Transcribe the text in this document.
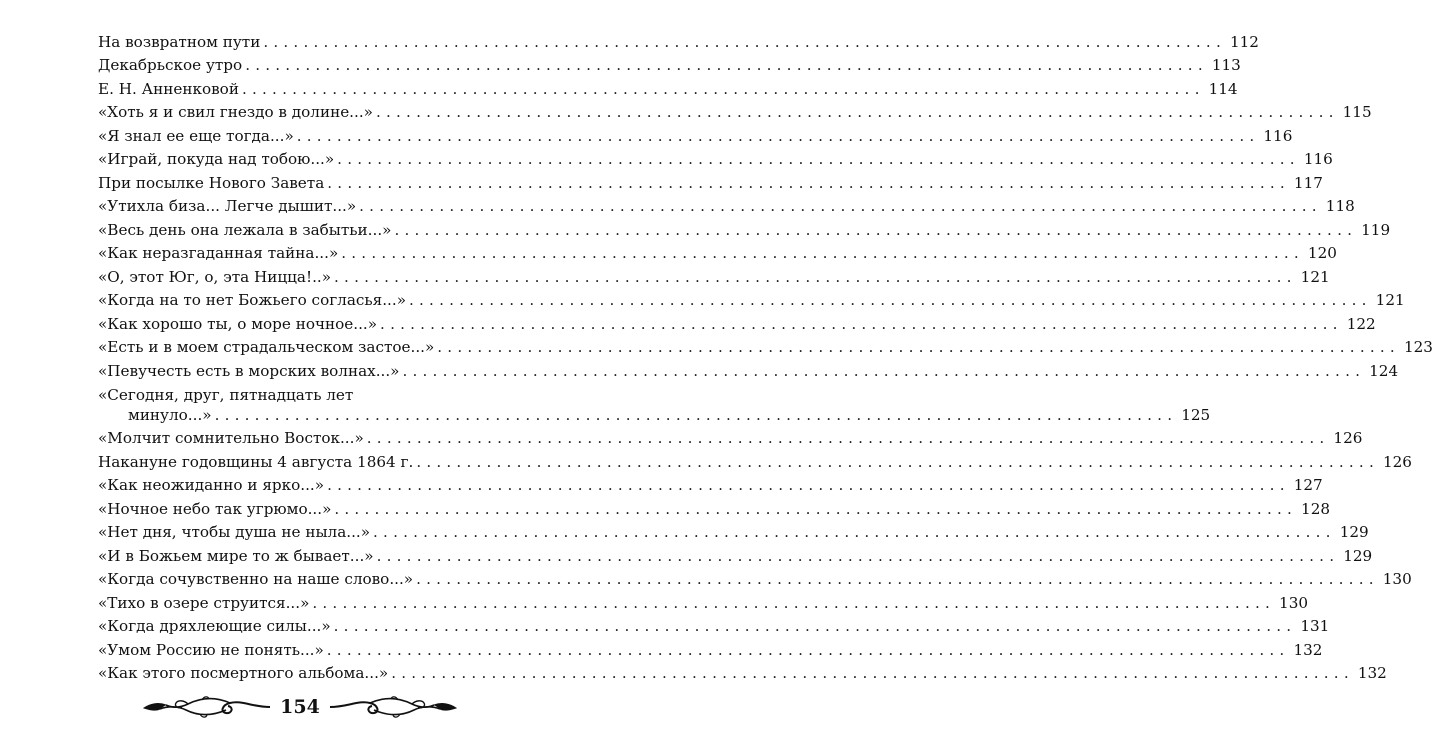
На возвратном пути ................................................................................................ 112
Декабрьское утро ................................................................................................ 113
Е. Н. Анненковой ................................................................................................ 114
«Хоть я и свил гнездо в долине...» ................................................................................................ 115
«Я знал ее еще тогда...» ................................................................................................ 116
«Играй, покуда над тобою...» ................................................................................................ 116
При посылке Нового Завета ................................................................................................ 117
«Утихла биза... Легче дышит...» ................................................................................................ 118
«Весь день она лежала в забытьи...» ................................................................................................ 119
«Как неразгаданная тайна...» ................................................................................................ 120
«О, этот Юг, о, эта Ницца!..» ................................................................................................ 121
«Когда на то нет Божьего согласья...» ................................................................................................ 121
«Как хорошо ты, о море ночное...» ................................................................................................ 122
«Есть и в моем страдальческом застое...» ................................................................................................ 123
«Певучесть есть в морских волнах...» ................................................................................................ 124
«Сегодня, друг, пятнадцать лет
минуло...» ................................................................................................ 125
«Молчит сомнительно Восток...» ................................................................................................ 126
Накануне годовщины 4 августа 1864 г. ................................................................................................ 126
«Как неожиданно и ярко...» ................................................................................................ 127
«Ночное небо так угрюмо...» ................................................................................................ 128
«Нет дня, чтобы душа не ныла...» ................................................................................................ 129
«И в Божьем мире то ж бывает...» ................................................................................................ 129
«Когда сочувственно на наше слово...» ................................................................................................ 130
«Тихо в озере струится...» ................................................................................................ 130
«Когда дряхлеющие силы...» ................................................................................................ 131
«Умом Россию не понять...» ................................................................................................ 132
«Как этого посмертного альбома...» ................................................................................................ 132
154
